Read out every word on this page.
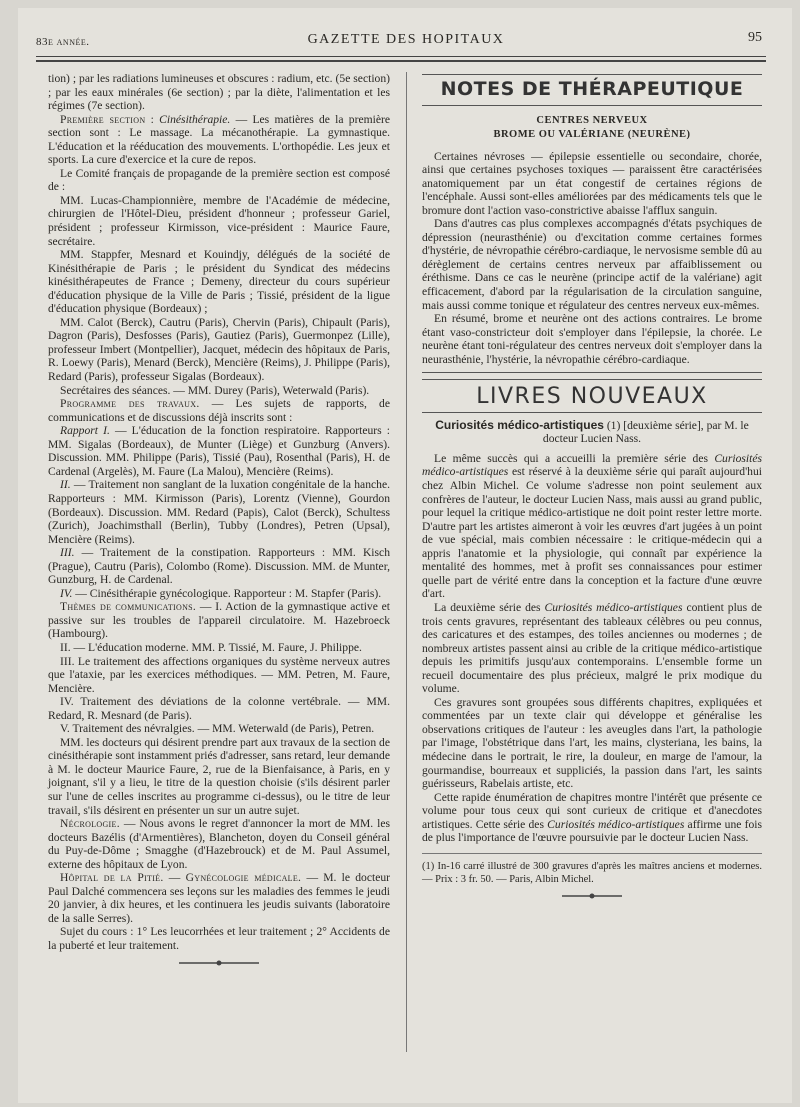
83e année.	GAZETTE DES HOPITAUX	95

tion) ; par les radiations lumineuses et obscures : radium, etc. (5e section) ; par les eaux minérales (6e section) ; par la diète, l'alimentation et les régimes (7e section).

Première section : Cinésithérapie. — Les matières de la première section sont : Le massage. La mécanothérapie. La gymnastique. L'éducation et la rééducation des mouvements. L'orthopédie. Les jeux et sports. La cure d'exercice et la cure de repos.

Le Comité français de propagande de la première section est composé de :

MM. Lucas-Championnière, membre de l'Académie de médecine, chirurgien de l'Hôtel-Dieu, président d'honneur ; professeur Gariel, président ; professeur Kirmisson, vice-président : Maurice Faure, secrétaire.

MM. Stappfer, Mesnard et Kouindjy, délégués de la société de Kinésithérapie de Paris ; le président du Syndicat des médecins kinésithérapeutes de France ; Demeny, directeur du cours supérieur d'éducation physique de la Ville de Paris ; Tissié, président de la ligue d'éducation physique (Bordeaux) ;

MM. Calot (Berck), Cautru (Paris), Chervin (Paris), Chipault (Paris), Dagron (Paris), Desfosses (Paris), Gautiez (Paris), Guermonpez (Lille), professeur Imbert (Montpellier), Jacquet, médecin des hôpitaux de Paris, R. Loewy (Paris), Menard (Berck), Mencière (Reims), J. Philippe (Paris), Redard (Paris), professeur Sigalas (Bordeaux).

Secrétaires des séances. — MM. Durey (Paris), Weterwald (Paris).

Programme des travaux. — Les sujets de rapports, de communications et de discussions déjà inscrits sont :

Rapport I. — L'éducation de la fonction respiratoire. Rapporteurs : MM. Sigalas (Bordeaux), de Munter (Liège) et Gunzburg (Anvers). Discussion. MM. Philippe (Paris), Tissié (Pau), Rosenthal (Paris), H. de Cardenal (Argelès), M. Faure (La Malou), Mencière (Reims).

II. — Traitement non sanglant de la luxation congénitale de la hanche. Rapporteurs : MM. Kirmisson (Paris), Lorentz (Vienne), Gourdon (Bordeaux). Discussion. MM. Redard (Papis), Calot (Berck), Schultess (Zurich), Joachimsthall (Berlin), Tubby (Londres), Petren (Upsal), Mencière (Reims).

III. — Traitement de la constipation. Rapporteurs : MM. Kisch (Prague), Cautru (Paris), Colombo (Rome). Discussion. MM. de Munter, Gunzburg, H. de Cardenal.

IV. — Cinésithérapie gynécologique. Rapporteur : M. Stapfer (Paris).

Thèmes de communications. — I. Action de la gymnastique active et passive sur les troubles de l'appareil circulatoire. M. Hazebroeck (Hambourg).

II. — L'éducation moderne. MM. P. Tissié, M. Faure, J. Philippe.

III. Le traitement des affections organiques du système nerveux autres que l'ataxie, par les exercices méthodiques. — MM. Petren, M. Faure, Mencière.

IV. Traitement des déviations de la colonne vertébrale. — MM. Redard, R. Mesnard (de Paris).

V. Traitement des névralgies. — MM. Weterwald (de Paris), Petren.

MM. les docteurs qui désirent prendre part aux travaux de la section de cinésithérapie sont instamment priés d'adresser, sans retard, leur demande à M. le docteur Maurice Faure, 2, rue de la Bienfaisance, à Paris, en y joignant, s'il y a lieu, le titre de la question choisie (s'ils désirent parler sur l'une de celles inscrites au programme ci-dessus), ou le titre de leur travail, s'ils désirent en présenter un sur un autre sujet.

Nécrologie. — Nous avons le regret d'annoncer la mort de MM. les docteurs Bazélis (d'Armentières), Blancheton, doyen du Conseil général du Puy-de-Dôme ; Smagghe (d'Hazebrouck) et de M. Paul Assumel, externe des hôpitaux de Lyon.

Hôpital de la Pitié. — Gynécologie médicale. — M. le docteur Paul Dalché commencera ses leçons sur les maladies des femmes le jeudi 20 janvier, à dix heures, et les continuera les jeudis suivants (laboratoire de la salle Serres).

Sujet du cours : 1° Les leucorrhées et leur traitement ; 2° Accidents de la puberté et leur traitement.

NOTES DE THÉRAPEUTIQUE
CENTRES NERVEUX
BROME OU VALÉRIANE (NEURÈNE)

Certaines névroses — épilepsie essentielle ou secondaire, chorée, ainsi que certaines psychoses toxiques — paraissent être caractérisées anatomiquement par un état congestif de certaines régions de l'encéphale. Aussi sont-elles améliorées par des médicaments tels que le bromure dont l'action vaso-constrictive abaisse l'afflux sanguin.

Dans d'autres cas plus complexes accompagnés d'états psychiques de dépression (neurasthénie) ou d'excitation comme certaines formes d'hystérie, de névropathie cérébro-cardiaque, le nervosisme semble dû au dérèglement de certains centres nerveux par affaiblissement ou éréthisme. Dans ce cas le neurène (principe actif de la valériane) agit efficacement, d'abord par la régularisation de la circulation sanguine, mais aussi comme tonique et régulateur des centres nerveux eux-mêmes.

En résumé, brome et neurène ont des actions contraires. Le brome étant vaso-constricteur doit s'employer dans l'épilepsie, la chorée. Le neurène étant toni-régulateur des centres nerveux doit s'employer dans la neurasthénie, l'hystérie, la névropathie cérébro-cardiaque.

LIVRES NOUVEAUX

Curiosités médico-artistiques (1) [deuxième série], par M. le docteur Lucien Nass.

Le même succès qui a accueilli la première série des Curiosités médico-artistiques est réservé à la deuxième série qui paraît aujourd'hui chez Albin Michel. Ce volume s'adresse non point seulement aux confrères de l'auteur, le docteur Lucien Nass, mais aussi au grand public, pour lequel la critique médico-artistique ne doit point rester lettre morte. D'autre part les artistes aimeront à voir les œuvres d'art jugées à un point de vue spécial, mais combien nécessaire : le critique-médecin qui a appris l'anatomie et la physiologie, qui connaît par expérience la mentalité des hommes, met à profit ses connaissances pour estimer quelle part de vérité entre dans la conception et la facture d'une œuvre d'art.

La deuxième série des Curiosités médico-artistiques contient plus de trois cents gravures, représentant des tableaux célèbres ou peu connus, des caricatures et des estampes, des toiles anciennes ou modernes ; de nombreux artistes passent ainsi au crible de la critique médico-artistique depuis les primitifs jusqu'aux contemporains. L'ensemble forme un recueil documentaire des plus précieux, malgré le prix modique du volume.

Ces gravures sont groupées sous différents chapitres, expliquées et commentées par un texte clair qui développe et généralise les observations critiques de l'auteur : les aveugles dans l'art, la pathologie par l'image, l'obstétrique dans l'art, les mains, clysteriana, les bains, la médecine dans le portrait, le rire, la douleur, en marge de l'amour, la gourmandise, bourreaux et suppliciés, la passion dans l'art, les saints guérisseurs, Rabelais artiste, etc.

Cette rapide énumération de chapitres montre l'intérêt que présente ce volume pour tous ceux qui sont curieux de critique et d'anecdotes artistiques. Cette série des Curiosités médico-artistiques affirme une fois de plus l'importance de l'œuvre poursuivie par le docteur Lucien Nass.

(1) In-16 carré illustré de 300 gravures d'après les maîtres anciens et modernes. — Prix : 3 fr. 50. — Paris, Albin Michel.
